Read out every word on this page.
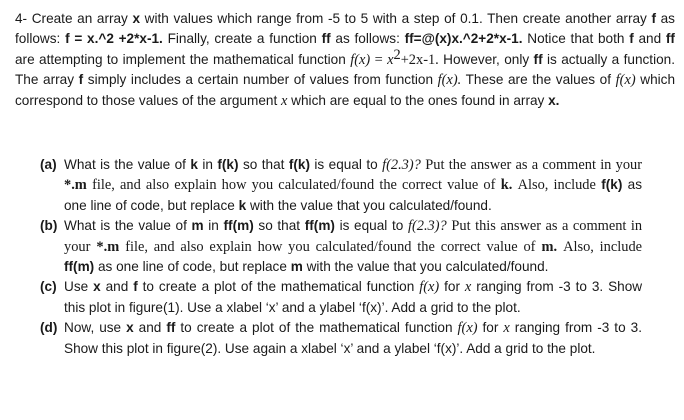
4- Create an array x with values which range from -5 to 5 with a step of 0.1. Then create another array f as follows: f = x.^2 +2*x-1. Finally, create a function ff as follows: ff=@(x)x.^2+2*x-1. Notice that both f and ff are attempting to implement the mathematical function $f(x) = x^2+2x-1$. However, only ff is actually a function. The array f simply includes a certain number of values from function f(x). These are the values of f(x) which correspond to those values of the argument x which are equal to the ones found in array x.

(a) What is the value of k in f(k) so that f(k) is equal to f(2.3)? Put the answer as a comment in your *.m file, and also explain how you calculated/found the correct value of k. Also, include f(k) as one line of code, but replace k with the value that you calculated/found.
(b) What is the value of m in ff(m) so that ff(m) is equal to f(2.3)? Put this answer as a comment in your *.m file, and also explain how you calculated/found the correct value of m. Also, include ff(m) as one line of code, but replace m with the value that you calculated/found.
(c) Use x and f to create a plot of the mathematical function f(x) for x ranging from -3 to 3. Show this plot in figure(1). Use a xlabel ‘x’ and a ylabel ‘f(x)’. Add a grid to the plot.
(d) Now, use x and ff to create a plot of the mathematical function f(x) for x ranging from -3 to 3. Show this plot in figure(2). Use again a xlabel ‘x’ and a ylabel ‘f(x)’. Add a grid to the plot.
